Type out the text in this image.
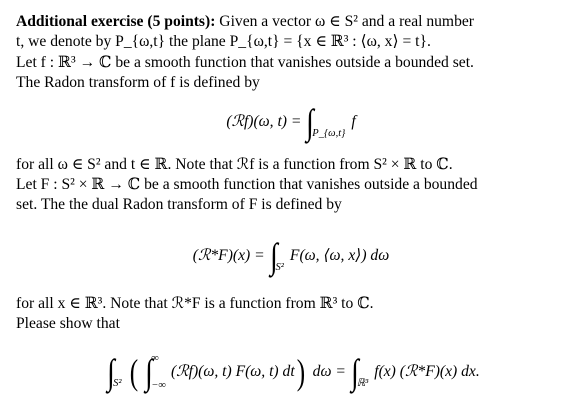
Additional exercise (5 points): Given a vector ω ∈ S² and a real number

t, we denote by P_{ω,t} the plane P_{ω,t} = {x ∈ ℝ³ : ⟨ω, x⟩ = t}.

Let f : ℝ³ → ℂ be a smooth function that vanishes outside a bounded set.

The Radon transform of f is defined by

(ℛf)(ω, t) = ∫
P_{ω,t}
f

for all ω ∈ S² and t ∈ ℝ. Note that ℛf is a function from S² × ℝ to ℂ.

Let F : S² × ℝ → ℂ be a smooth function that vanishes outside a bounded

set. The the dual Radon transform of F is defined by

(ℛ*F)(x) = ∫
S²
F(ω, ⟨ω, x⟩) dω

for all x ∈ ℝ³. Note that ℛ*F is a function from ℝ³ to ℂ.

Please show that

∫
S² ( ∫ ∞
−∞
(ℛf)(ω, t) F(ω, t) dt ) dω = ∫
ℝ³
f(x) (ℛ*F)(x) dx.
